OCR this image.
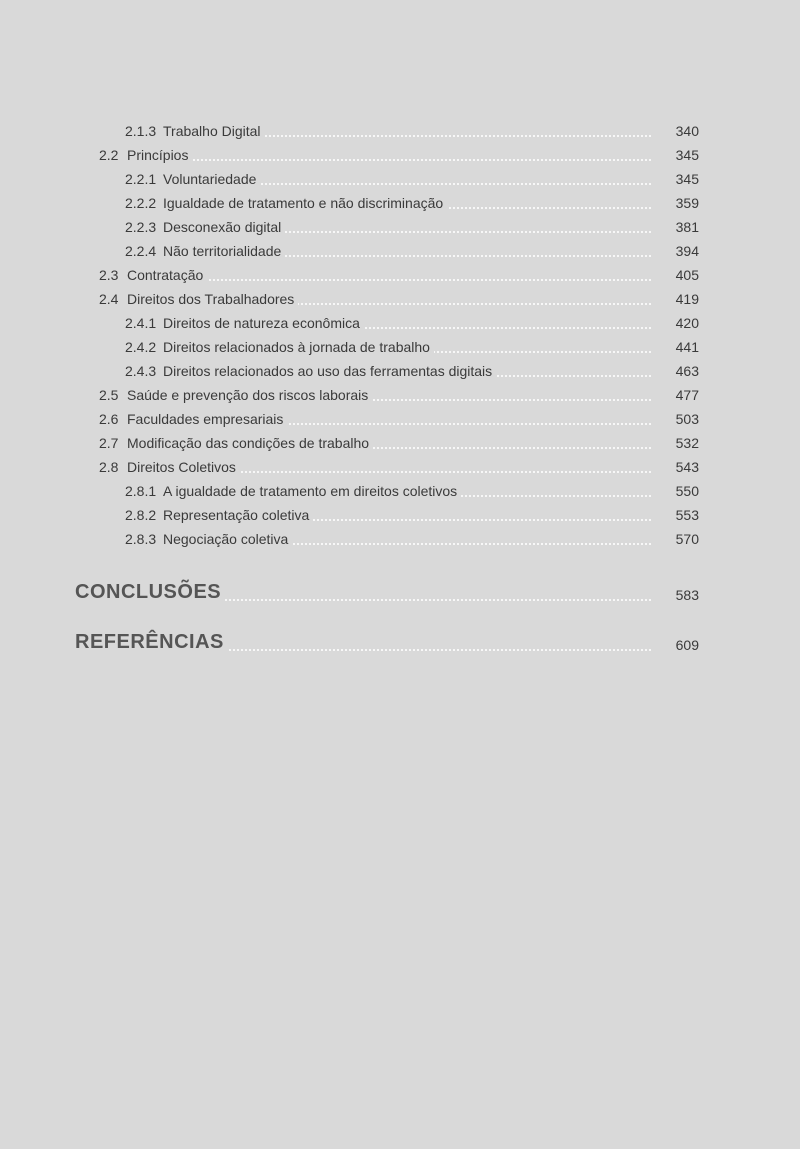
2.1.3 Trabalho Digital	340
2.2 Princípios	345
2.2.1 Voluntariedade	345
2.2.2 Igualdade de tratamento e não discriminação	359
2.2.3 Desconexão digital	381
2.2.4 Não territorialidade	394
2.3 Contratação	405
2.4 Direitos dos Trabalhadores	419
2.4.1 Direitos de natureza econômica	420
2.4.2 Direitos relacionados à jornada de trabalho	441
2.4.3 Direitos relacionados ao uso das ferramentas digitais	463
2.5 Saúde e prevenção dos riscos laborais	477
2.6 Faculdades empresariais	503
2.7 Modificação das condições de trabalho	532
2.8 Direitos Coletivos	543
2.8.1 A igualdade de tratamento em direitos coletivos	550
2.8.2 Representação coletiva	553
2.8.3 Negociação coletiva	570
CONCLUSÕES	583
REFERÊNCIAS	609
